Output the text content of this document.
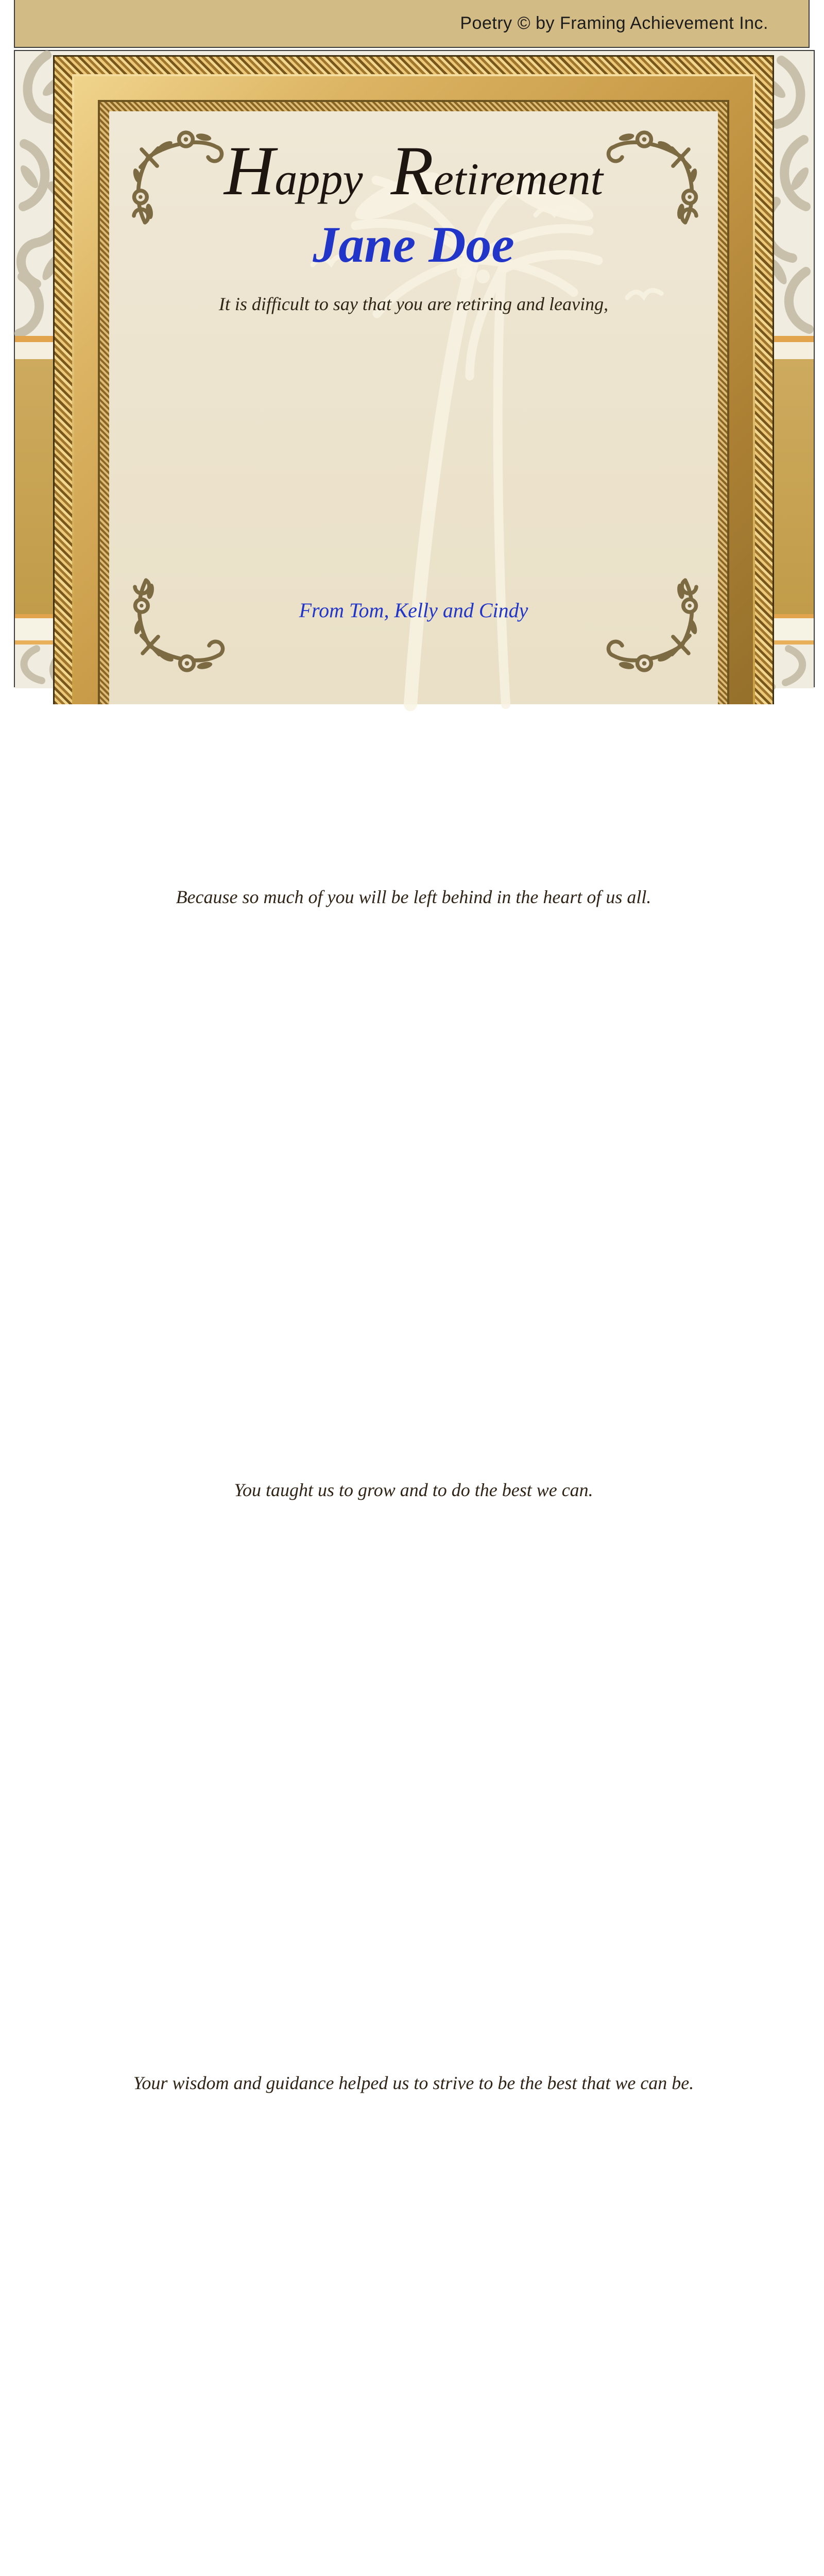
Poetry © by Framing Achievement Inc.
Happy Retirement
Jane Doe
It is difficult to say that you are retiring and leaving,
Because so much of you will be left behind in the heart of us all.
You taught us to grow and to do the best we can.
Your wisdom and guidance helped us to strive to be the best that we can be.
From Tom, Kelly and Cindy
